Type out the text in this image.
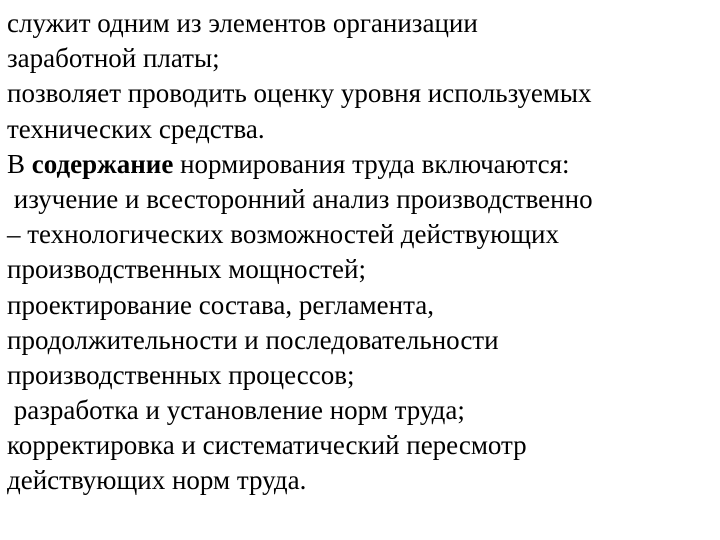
служит одним из элементов организации
заработной платы;
позволяет проводить оценку уровня используемых
технических средства.
В содержание нормирования труда включаются:
изучение и всесторонний анализ производственно
– технологических возможностей действующих
производственных мощностей;
проектирование состава, регламента,
продолжительности и последовательности
производственных процессов;
разработка и установление норм труда;
корректировка и систематический пересмотр
действующих норм труда.
